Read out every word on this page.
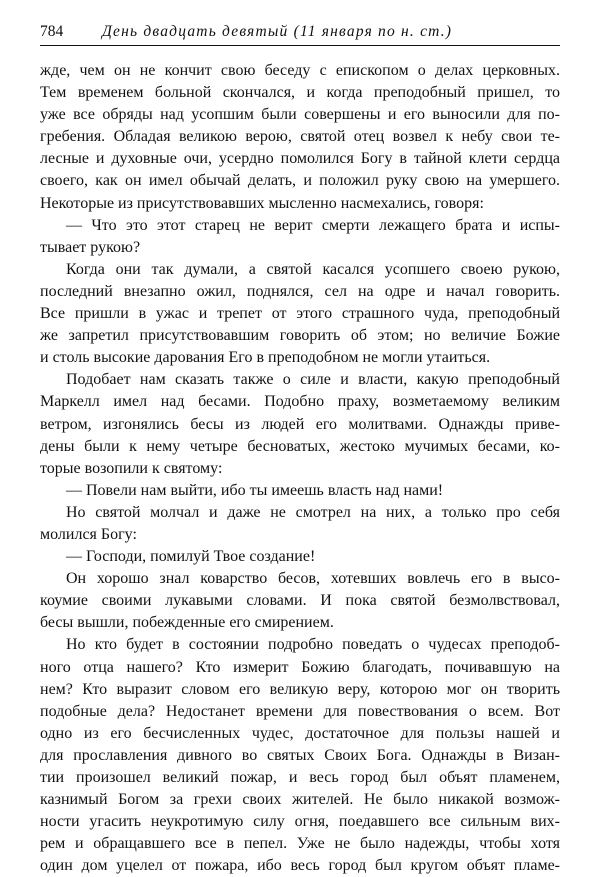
784	День двадцать девятый (11 января по н. ст.)
жде, чем он не кончит свою беседу с епископом о делах церковных.
Тем временем больной скончался, и когда преподобный пришел, то
уже все обряды над усопшим были совершены и его выносили для по-
гребения. Обладая великою верою, святой отец возвел к небу свои те-
лесные и духовные очи, усердно помолился Богу в тайной клети сердца
своего, как он имел обычай делать, и положил руку свою на умершего.
Некоторые из присутствовавших мысленно насмехались, говоря:
— Что это этот старец не верит смерти лежащего брата и испы-
тывает рукою?
Когда они так думали, а святой касался усопшего своею рукою,
последний внезапно ожил, поднялся, сел на одре и начал говорить.
Все пришли в ужас и трепет от этого страшного чуда, преподобный
же запретил присутствовавшим говорить об этом; но величие Божие
и столь высокие дарования Его в преподобном не могли утаиться.
Подобает нам сказать также о силе и власти, какую преподобный
Маркелл имел над бесами. Подобно праху, возметаемому великим
ветром, изгонялись бесы из людей его молитвами. Однажды приве-
дены были к нему четыре бесноватых, жестоко мучимых бесами, ко-
торые возопили к святому:
— Повели нам выйти, ибо ты имеешь власть над нами!
Но святой молчал и даже не смотрел на них, а только про себя
молился Богу:
— Господи, помилуй Твое создание!
Он хорошо знал коварство бесов, хотевших вовлечь его в высо-
коумие своими лукавыми словами. И пока святой безмолвствовал,
бесы вышли, побежденные его смирением.
Но кто будет в состоянии подробно поведать о чудесах преподоб-
ного отца нашего? Кто измерит Божию благодать, почивавшую на
нем? Кто выразит словом его великую веру, которою мог он творить
подобные дела? Недостанет времени для повествования о всем. Вот
одно из его бесчисленных чудес, достаточное для пользы нашей и
для прославления дивного во святых Своих Бога. Однажды в Визан-
тии произошел великий пожар, и весь город был объят пламенем,
казнимый Богом за грехи своих жителей. Не было никакой возмож-
ности угасить неукротимую силу огня, поедавшего все сильным вих-
рем и обращавшего все в пепел. Уже не было надежды, чтобы хотя
один дом уцелел от пожара, ибо весь город был кругом объят пламе-
